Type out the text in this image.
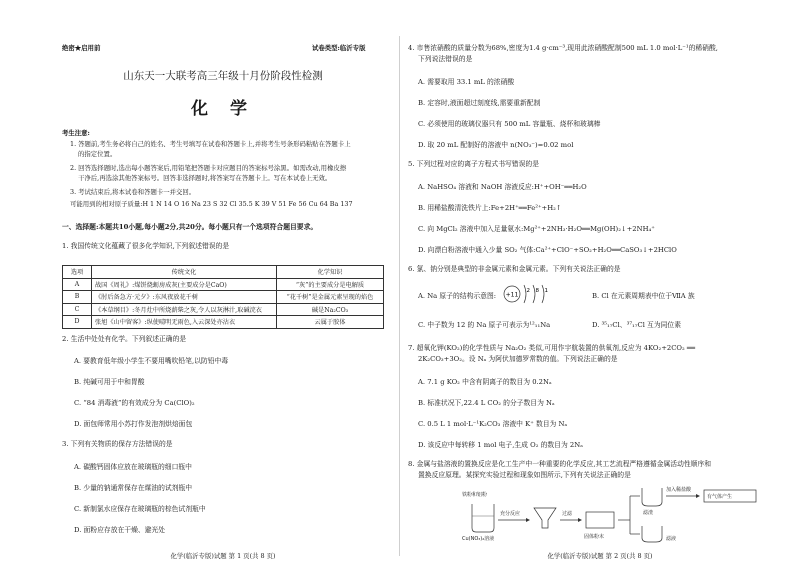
绝密★启用前	试卷类型:临沂专版
山东天一大联考高三年级十月份阶段性检测
化 学
考生注意:
1. 答题前,考生务必将自己的姓名、考生号填写在试卷和答题卡上,并将考生号条形码粘贴在答题卡上
的指定位置。
2. 回答选择题时,选出每小题答案后,用铅笔把答题卡对应题目的答案标号涂黑。如需改动,用橡皮擦
干净后,再选涂其他答案标号。回答非选择题时,将答案写在答题卡上。写在本试卷上无效。
3. 考试结束后,将本试卷和答题卡一并交回。
可能用到的相对原子质量:H 1 N 14 O 16 Na 23 S 32 Cl 35.5 K 39 V 51 Fe 56 Cu 64 Ba 137
一、选择题:本题共10小题,每小题2分,共20分。每小题只有一个选项符合题目要求。
1. 我国传统文化蕴藏了很多化学知识,下列叙述错误的是
选项	传统文化	化学知识
A	战国《周礼》:煤饼烧蛎房成灰(主要成分是CaO)	“灰”的主要成分是电解质
B	《肘后备急方·元夕》:东风夜放花千树	“花千树”是金属元素呈现的焰色
C	《本草纲目》:冬月灶中所烧薪柴之灰,令人以灰淋汁,取碱浣衣	碱是Na₂CO₃
D	张旭《山中留客》:纵使晴明无雨色,入云深处亦沾衣	云属于胶体
2. 生活中处处有化学。下列叙述正确的是
A. 要教育低年级小学生不要用嘴吹铅笔,以防铅中毒
B. 纯碱可用于中和胃酸
C. “84 消毒液”的有效成分为 Ca(ClO)₂
D. 面包师常用小苏打作发泡剂烘焙面包
3. 下列有关物质的保存方法错误的是
A. 碳酸钙固体应放在玻璃瓶的细口瓶中
B. 少量的钠通常保存在煤油的试剂瓶中
C. 新制氯水应保存在玻璃瓶的棕色试剂瓶中
D. 面粉应存放在干燥、避光处
化学(临沂专版)试题 第 1 页(共 8 页)
4. 市售浓硝酸的质量分数为68%,密度为1.4 g·cm⁻³,现用此浓硝酸配制500 mL 1.0 mol·L⁻¹的稀硝酸,
下列说法错误的是
A. 需要取用 33.1 mL 的浓硝酸
B. 定容时,液面超过刻度线,需要重新配制
C. 必须使用的玻璃仪器只有 500 mL 容量瓶、烧杯和玻璃棒
D. 取 20 mL 配制好的溶液中 n(NO₃⁻)=0.02 mol
5. 下列过程对应的离子方程式书写错误的是
A. NaHSO₄ 溶液和 NaOH 溶液反应:H⁺+OH⁻══H₂O
B. 用稀盐酸清洗铁片上:Fe+2H⁺══Fe²⁺+H₂↑
C. 向 MgCl₂ 溶液中加入足量氨水:Mg²⁺+2NH₃·H₂O══Mg(OH)₂↓+2NH₄⁺
D. 向漂白粉溶液中通入少量 SO₂ 气体:Ca²⁺+ClO⁻+SO₂+H₂O══CaSO₃↓+2HClO
6. 氯、钠分别是典型的非金属元素和金属元素。下列有关说法正确的是
A. Na 原子的结构示意图: +11
2 8 1
B. Cl 在元素周期表中位于ⅦA 族
C. 中子数为 12 的 Na 原子可表示为¹²₁₁Na	D. ³⁵₁₇Cl、³⁷₁₇Cl 互为同位素
7. 超氧化钾(KO₂)的化学性质与 Na₂O₂ 类似,可用作宇航装置的供氧剂,反应为 4KO₂+2CO₂ ══
2K₂CO₃+3O₂。设 Nₐ 为阿伏加德罗常数的值。下列说法正确的是
A. 7.1 g KO₂ 中含有阴离子的数目为 0.2Nₐ
B. 标准状况下,22.4 L CO₂ 的分子数目为 Nₐ
C. 0.5 L 1 mol·L⁻¹K₂CO₃ 溶液中 K⁺ 数目为 Nₐ
D. 该反应中每转移 1 mol 电子,生成 O₂ 的数目为 2Nₐ
8. 金属与盐溶液的置换反应是化工生产中一种重要的化学反应,其工艺流程严格遵循金属活动性顺序和
置换反应原理。某探究实验过程和现象如图所示,下列有关说法正确的是
铁粉和铝粉
Cu(NO₃)₂溶液
充分反应	过滤
固体粉末
滤渣
滤液
加入稀盐酸
有气体产生
化学(临沂专版)试题 第 2 页(共 8 页)
